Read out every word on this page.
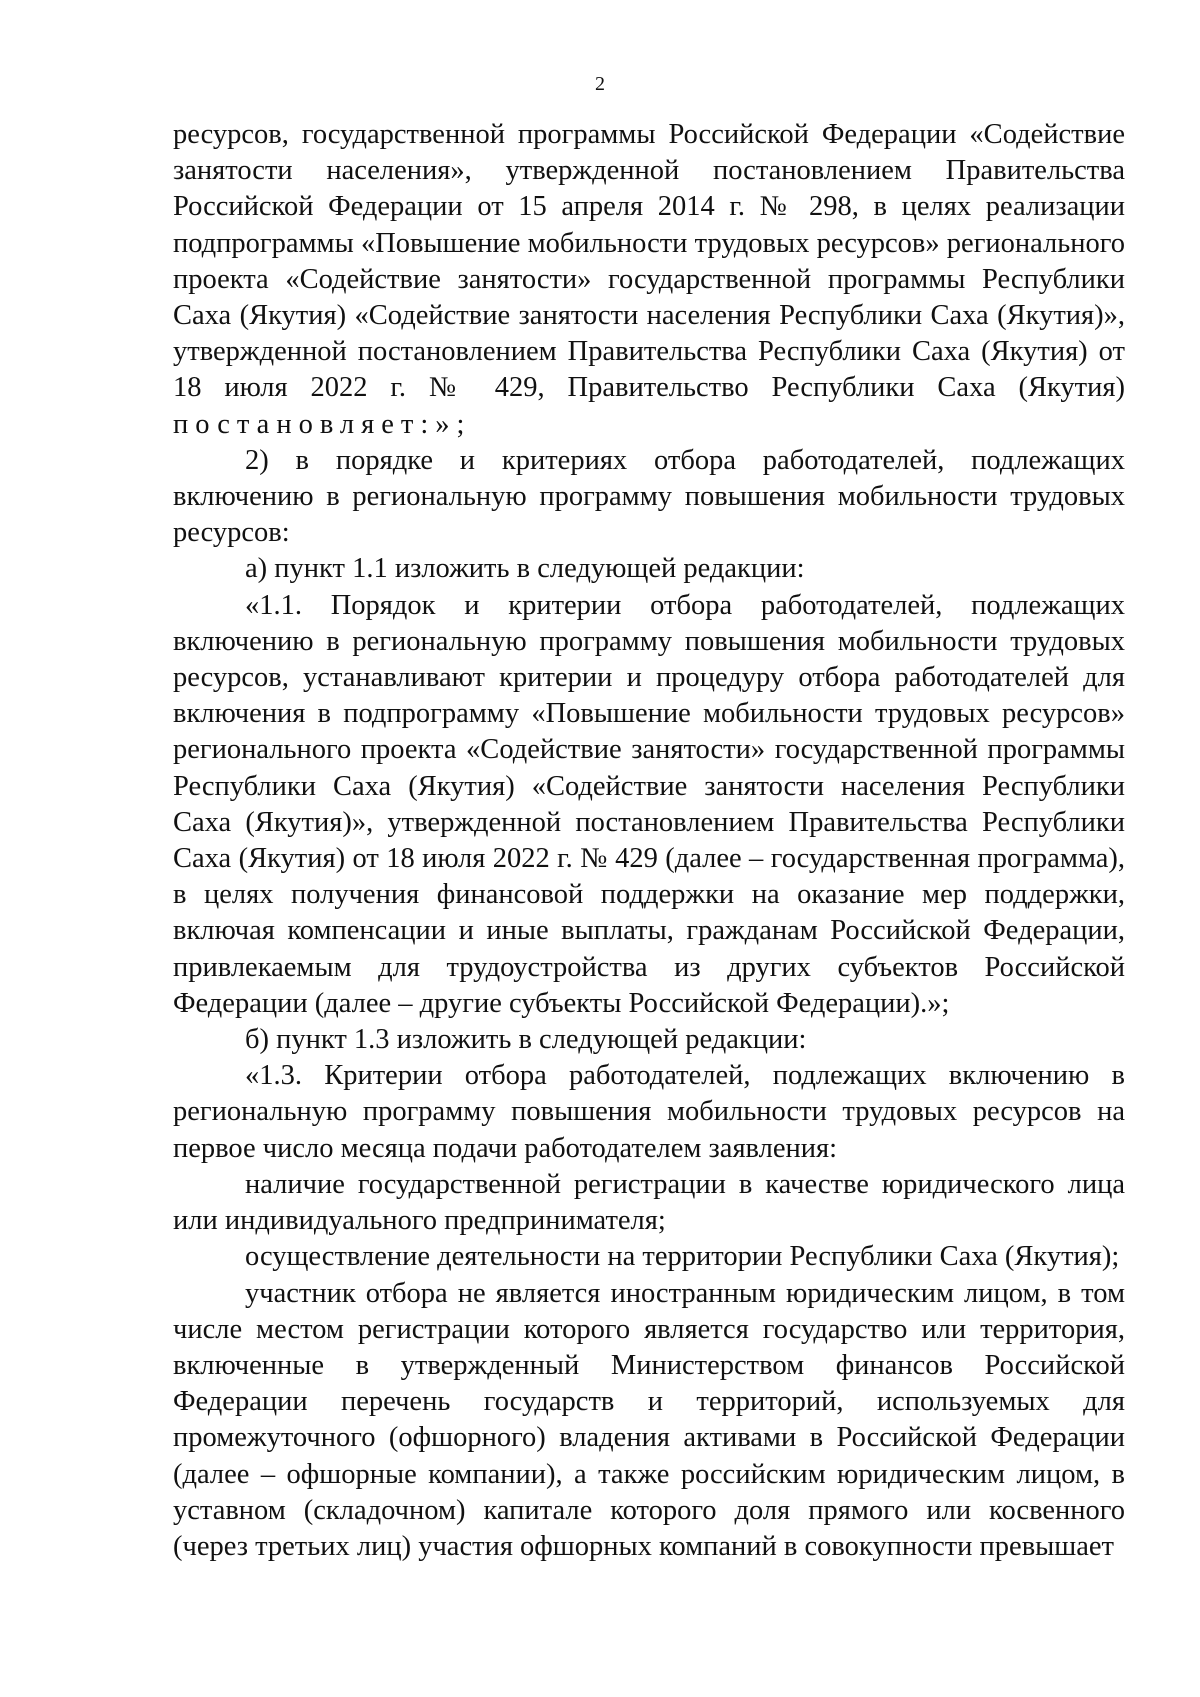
2

ресурсов, государственной программы Российской Федерации «Содействие занятости населения», утвержденной постановлением Правительства Российской Федерации от 15 апреля 2014 г. № 298, в целях реализации подпрограммы «Повышение мобильности трудовых ресурсов» регионального проекта «Содействие занятости» государственной программы Республики Саха (Якутия) «Содействие занятости населения Республики Саха (Якутия)», утвержденной постановлением Правительства Республики Саха (Якутия) от 18 июля 2022 г. № 429, Правительство Республики Саха (Якутия) постановляет:»;

2) в порядке и критериях отбора работодателей, подлежащих включению в региональную программу повышения мобильности трудовых ресурсов:

а) пункт 1.1 изложить в следующей редакции:

«1.1. Порядок и критерии отбора работодателей, подлежащих включению в региональную программу повышения мобильности трудовых ресурсов, устанавливают критерии и процедуру отбора работодателей для включения в подпрограмму «Повышение мобильности трудовых ресурсов» регионального проекта «Содействие занятости» государственной программы Республики Саха (Якутия) «Содействие занятости населения Республики Саха (Якутия)», утвержденной постановлением Правительства Республики Саха (Якутия) от 18 июля 2022 г. № 429 (далее – государственная программа), в целях получения финансовой поддержки на оказание мер поддержки, включая компенсации и иные выплаты, гражданам Российской Федерации, привлекаемым для трудоустройства из других субъектов Российской Федерации (далее – другие субъекты Российской Федерации).»;

б) пункт 1.3 изложить в следующей редакции:

«1.3. Критерии отбора работодателей, подлежащих включению в региональную программу повышения мобильности трудовых ресурсов на первое число месяца подачи работодателем заявления:

наличие государственной регистрации в качестве юридического лица или индивидуального предпринимателя;

осуществление деятельности на территории Республики Саха (Якутия);

участник отбора не является иностранным юридическим лицом, в том числе местом регистрации которого является государство или территория, включенные в утвержденный Министерством финансов Российской Федерации перечень государств и территорий, используемых для промежуточного (офшорного) владения активами в Российской Федерации (далее – офшорные компании), а также российским юридическим лицом, в уставном (складочном) капитале которого доля прямого или косвенного (через третьих лиц) участия офшорных компаний в совокупности превышает
